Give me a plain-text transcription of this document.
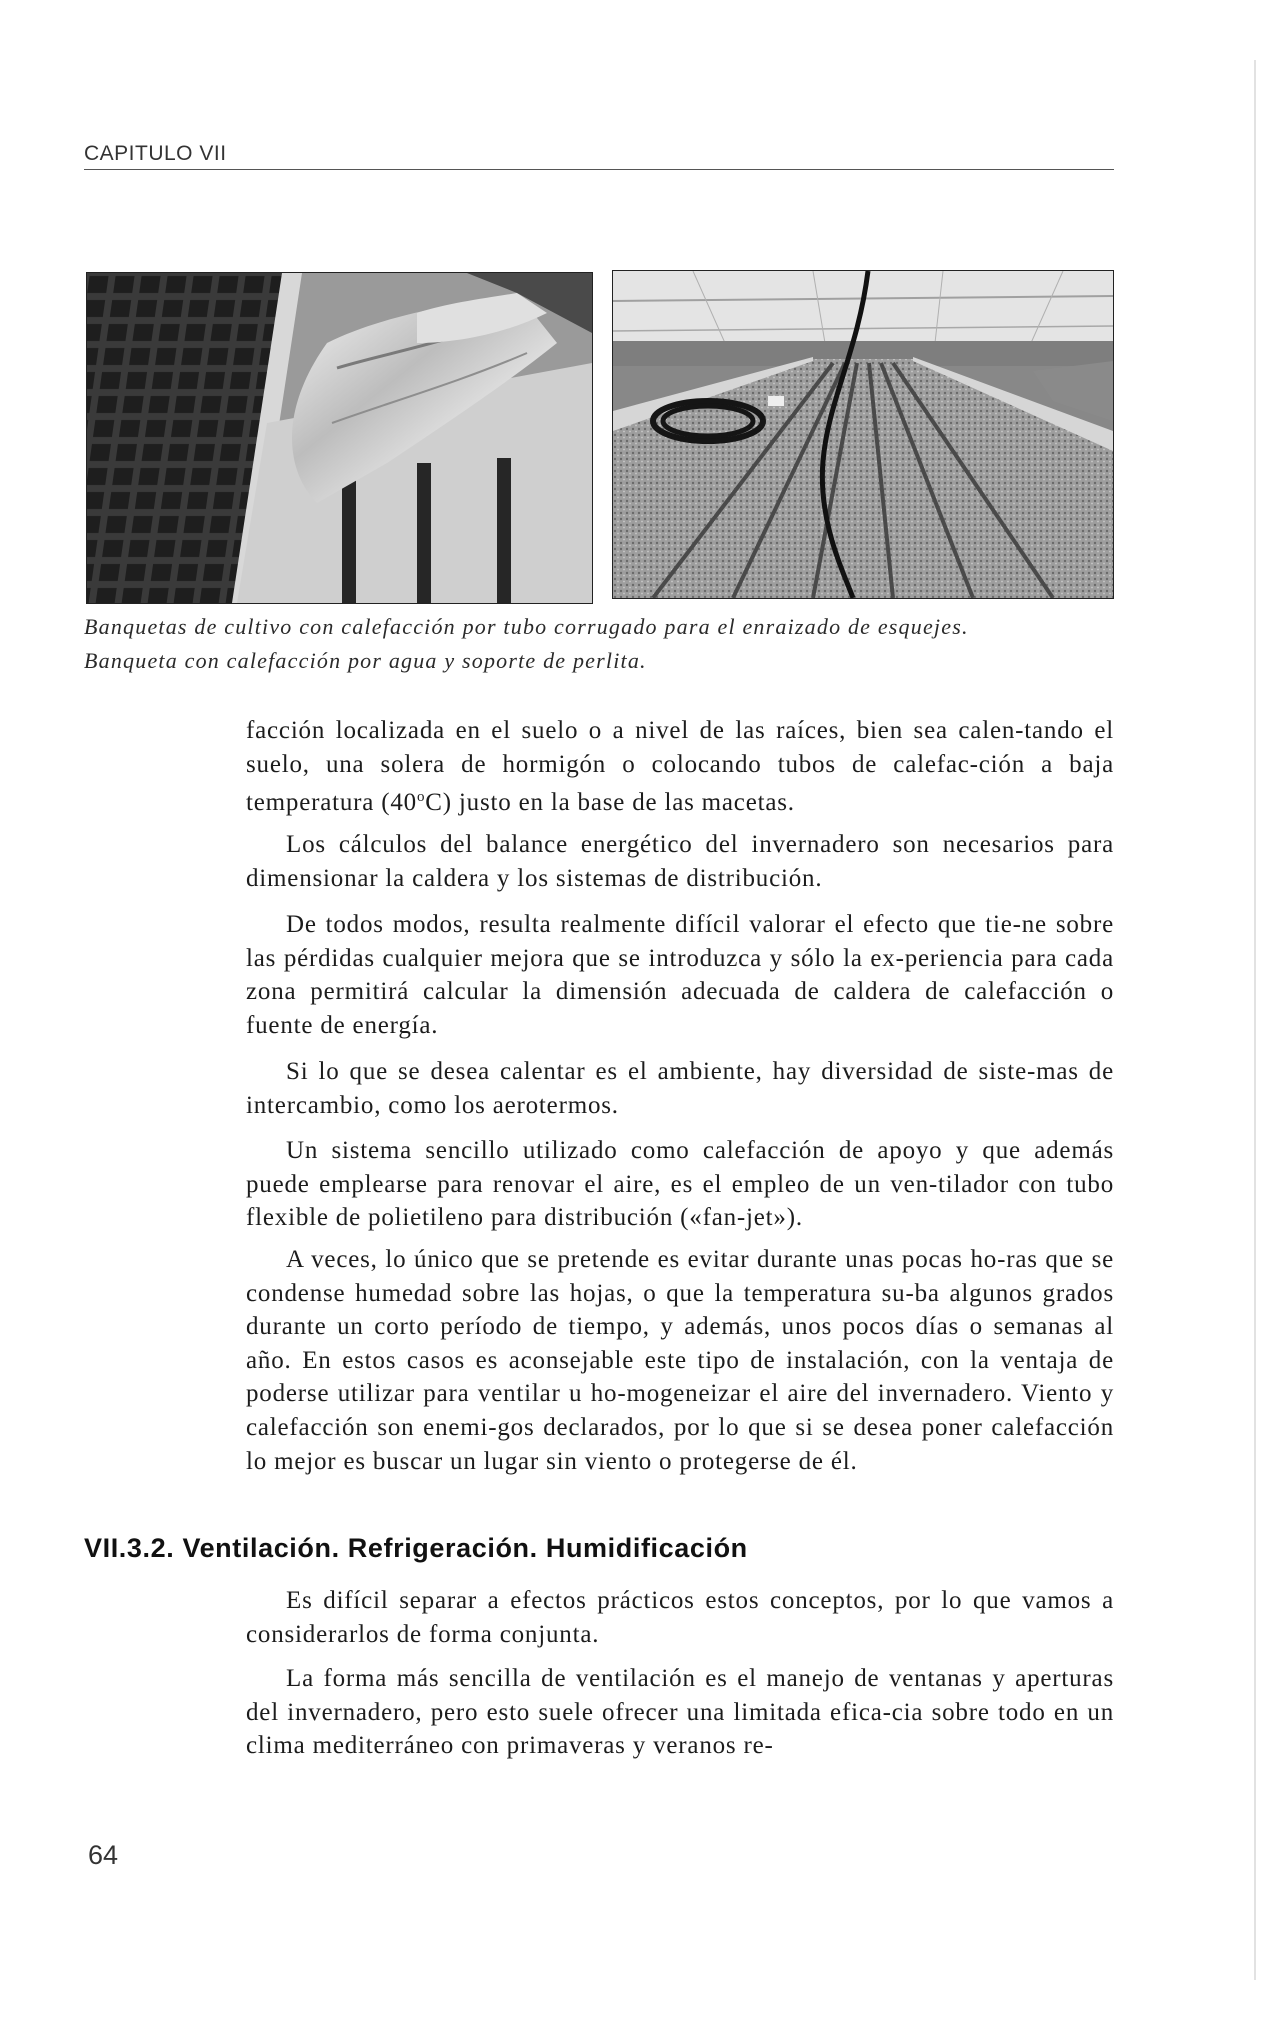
CAPITULO VII
Banquetas de cultivo con calefacción por tubo corrugado para el enraizado de esquejes.
Banqueta con calefacción por agua y soporte de perlita.

facción localizada en el suelo o a nivel de las raíces, bien sea calen-tando el suelo, una solera de hormigón o colocando tubos de calefac-ción a baja temperatura (40$^o$C) justo en la base de las macetas.

Los cálculos del balance energético del invernadero son necesarios para dimensionar la caldera y los sistemas de distribución.

De todos modos, resulta realmente difícil valorar el efecto que tie-ne sobre las pérdidas cualquier mejora que se introduzca y sólo la ex-periencia para cada zona permitirá calcular la dimensión adecuada de caldera de calefacción o fuente de energía.

Si lo que se desea calentar es el ambiente, hay diversidad de siste-mas de intercambio, como los aerotermos.

Un sistema sencillo utilizado como calefacción de apoyo y que además puede emplearse para renovar el aire, es el empleo de un ven-tilador con tubo flexible de polietileno para distribución («fan-jet»).

A veces, lo único que se pretende es evitar durante unas pocas ho-ras que se condense humedad sobre las hojas, o que la temperatura su-ba algunos grados durante un corto período de tiempo, y además, unos pocos días o semanas al año. En estos casos es aconsejable este tipo de instalación, con la ventaja de poderse utilizar para ventilar u ho-mogeneizar el aire del invernadero. Viento y calefacción son enemi-gos declarados, por lo que si se desea poner calefacción lo mejor es buscar un lugar sin viento o protegerse de él.

VII.3.2. Ventilación. Refrigeración. Humidificación

Es difícil separar a efectos prácticos estos conceptos, por lo que vamos a considerarlos de forma conjunta.

La forma más sencilla de ventilación es el manejo de ventanas y aperturas del invernadero, pero esto suele ofrecer una limitada efica-cia sobre todo en un clima mediterráneo con primaveras y veranos re-

64
